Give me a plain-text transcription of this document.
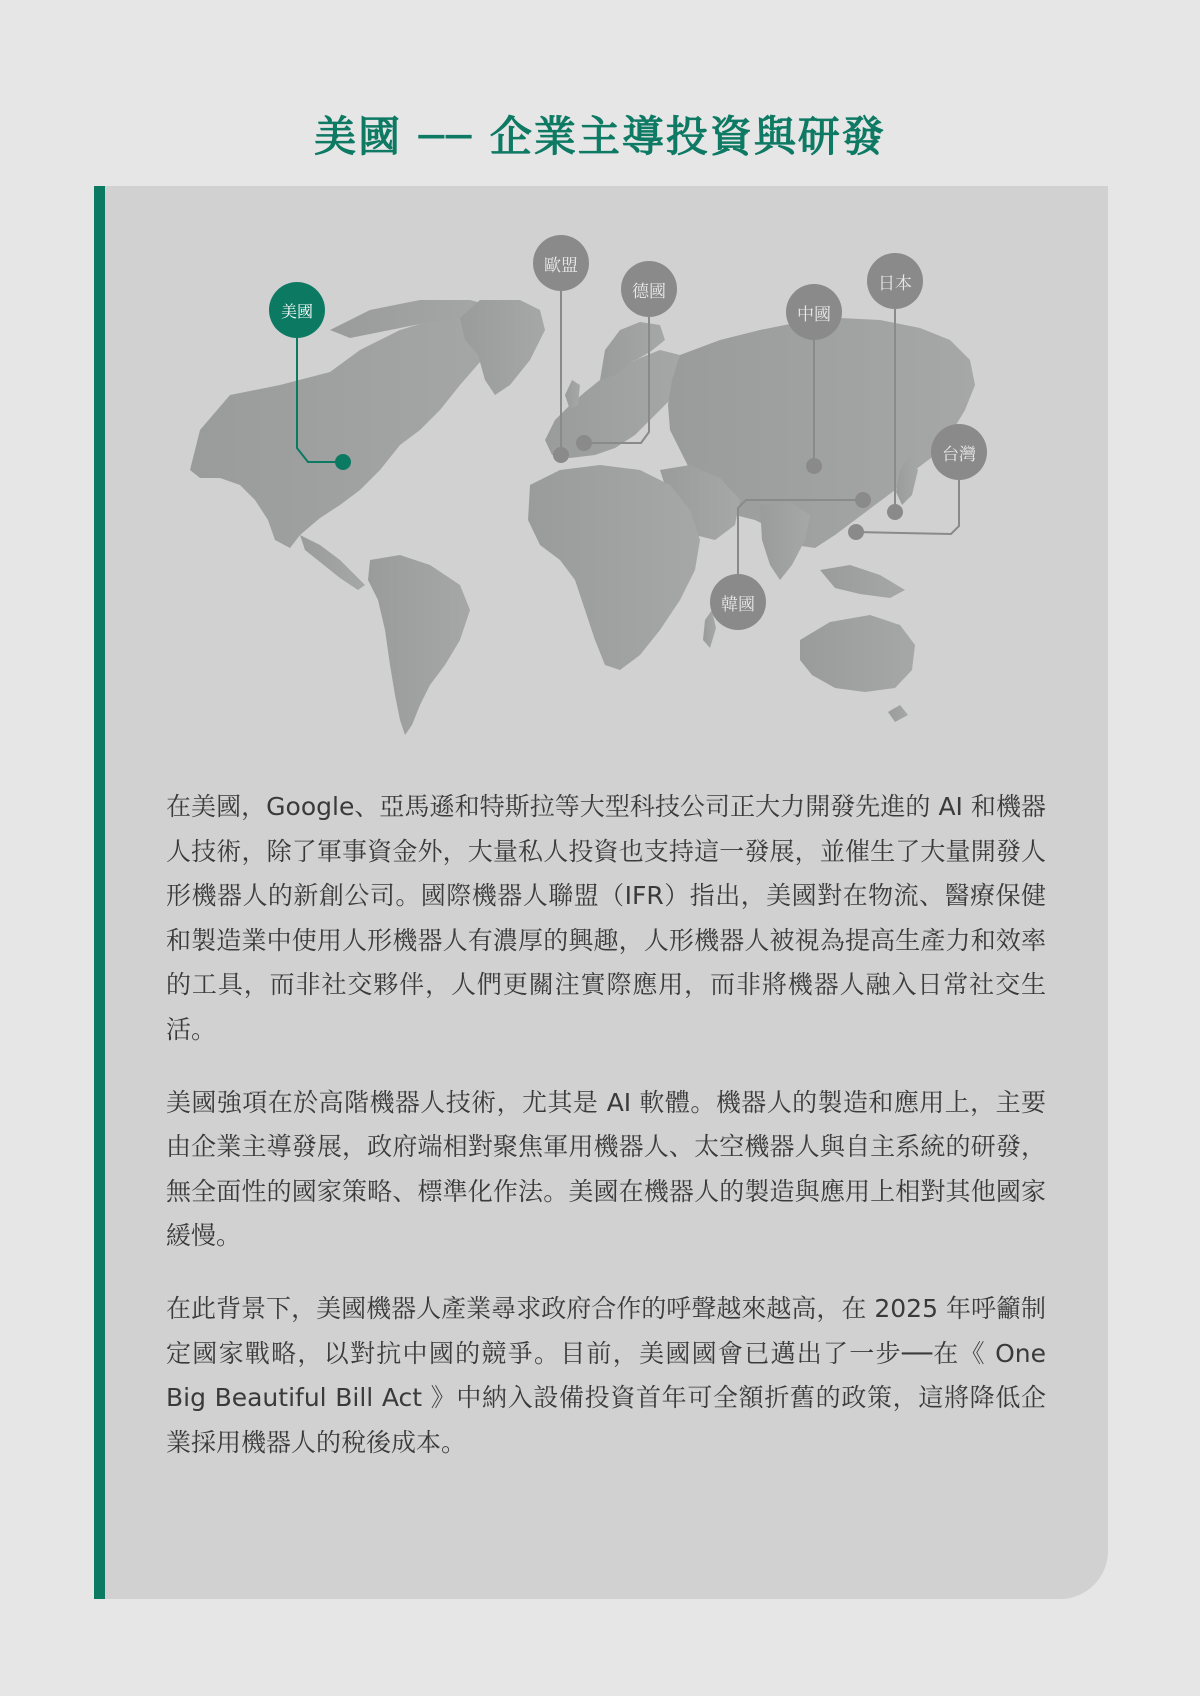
美國 ── 企業主導投資與研發
美國
歐盟
德國
中國
日本
台灣
韓國

在美國，Google、亞馬遜和特斯拉等大型科技公司正大力開發先進的 AI 和機器人技術，除了軍事資金外，大量私人投資也支持這一發展，並催生了大量開發人形機器人的新創公司。國際機器人聯盟（IFR）指出，美國對在物流、醫療保健和製造業中使用人形機器人有濃厚的興趣，人形機器人被視為提高生產力和效率的工具，而非社交夥伴，人們更關注實際應用，而非將機器人融入日常社交生活。

美國強項在於高階機器人技術，尤其是 AI 軟體。機器人的製造和應用上，主要由企業主導發展，政府端相對聚焦軍用機器人、太空機器人與自主系統的研發，無全面性的國家策略、標準化作法。美國在機器人的製造與應用上相對其他國家緩慢。

在此背景下，美國機器人產業尋求政府合作的呼聲越來越高，在 2025 年呼籲制定國家戰略，以對抗中國的競爭。目前，美國國會已邁出了一步──在《 One Big Beautiful Bill Act 》中納入設備投資首年可全額折舊的政策，這將降低企業採用機器人的稅後成本。
